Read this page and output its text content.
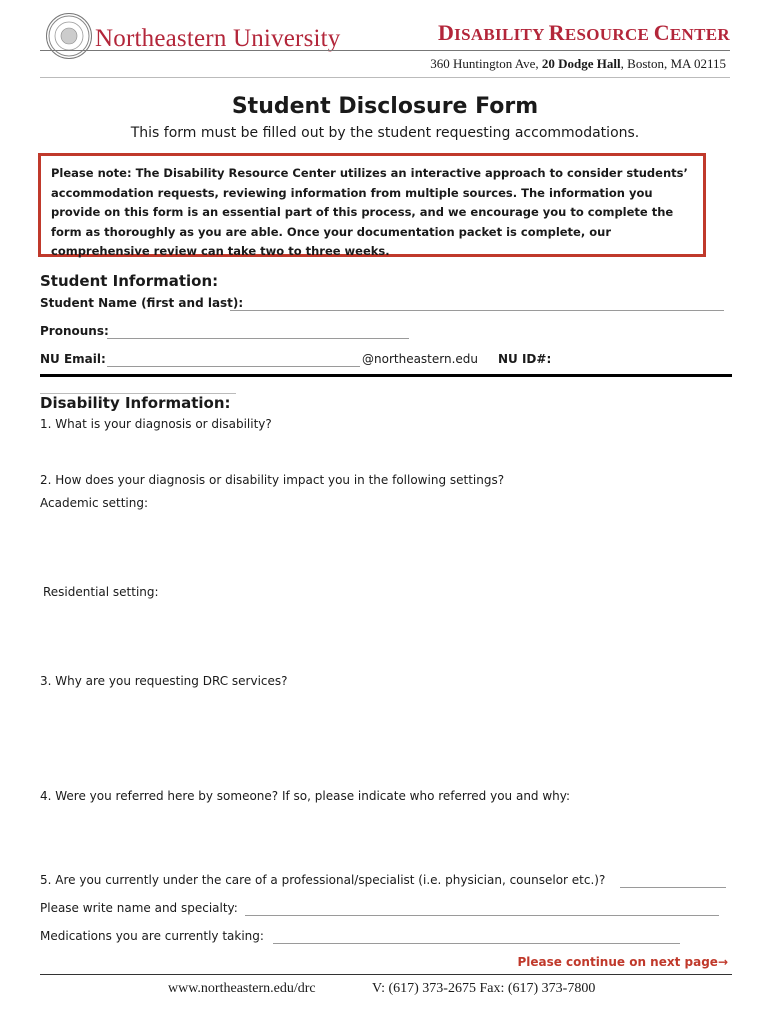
Northeastern University	DISABILITY RESOURCE CENTER
360 Huntington Ave, 20 Dodge Hall, Boston, MA 02115
Student Disclosure Form
This form must be filled out by the student requesting accommodations.

Please note: The Disability Resource Center utilizes an interactive approach to consider students’ accommodation requests, reviewing information from multiple sources. The information you provide on this form is an essential part of this process, and we encourage you to complete the form as thoroughly as you are able. Once your documentation packet is complete, our comprehensive review can take two to three weeks.

Student Information:
Student Name (first and last):
Pronouns:
NU Email:	@northeastern.edu NU ID#:
Disability Information:
1. What is your diagnosis or disability?
2. How does your diagnosis or disability impact you in the following settings?
Academic setting:
Residential setting:
3. Why are you requesting DRC services?
4. Were you referred here by someone? If so, please indicate who referred you and why:
5. Are you currently under the care of a professional/specialist (i.e. physician, counselor etc.)?
Please write name and specialty:
Medications you are currently taking:
Please continue on next page→
www.northeastern.edu/drc	V: (617) 373-2675 Fax: (617) 373-7800
